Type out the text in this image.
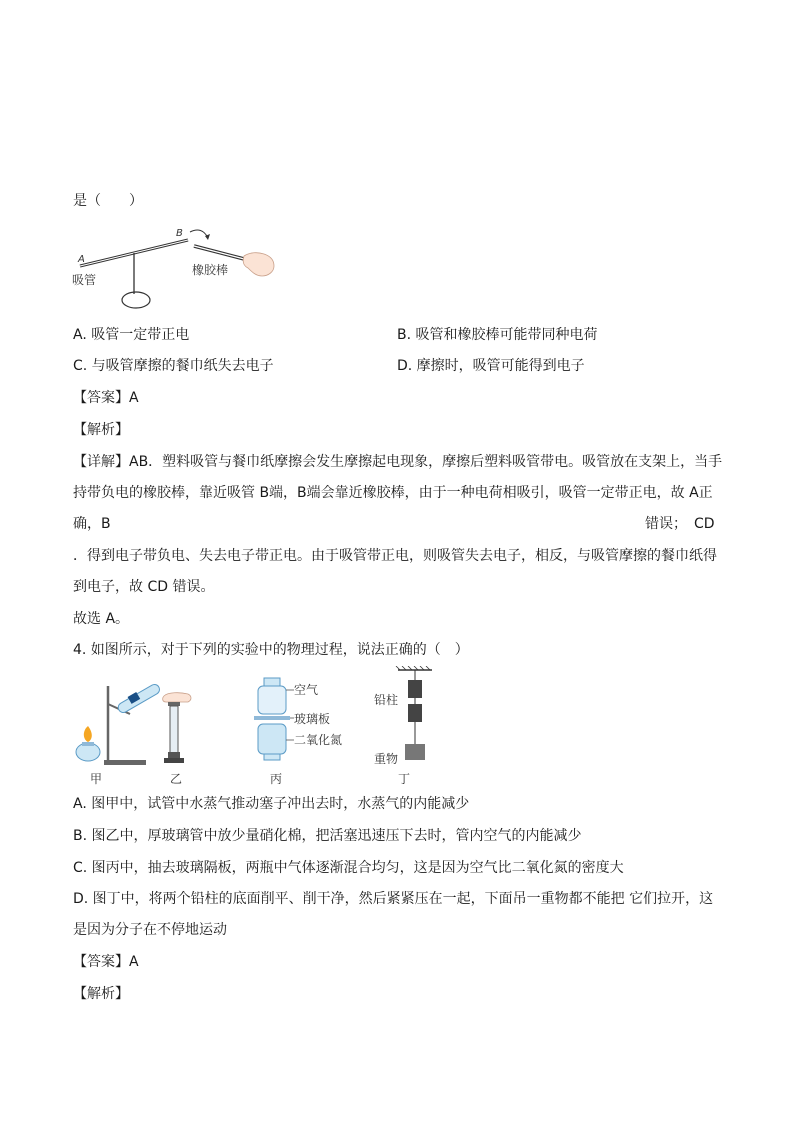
是（　　）
A
B
吸管
橡胶棒
A. 吸管一定带正电	B. 吸管和橡胶棒可能带同种电荷
C. 与吸管摩擦的餐巾纸失去电子	D. 摩擦时，吸管可能得到电子
【答案】A
【解析】
【详解】AB．塑料吸管与餐巾纸摩擦会发生摩擦起电现象，摩擦后塑料吸管带电。吸管放在支架上，当手
持带负电的橡胶棒，靠近吸管 B端，B端会靠近橡胶棒，由于一种电荷相吸引，吸管一定带正电，故 A正
确，B	错误；　CD
．得到电子带负电、失去电子带正电。由于吸管带正电，则吸管失去电子，相反，与吸管摩擦的餐巾纸得
到电子，故 CD 错误。
故选 A。
4. 如图所示，对于下列的实验中的物理过程，说法正确的（　）
空气
玻璃板
二氧化氮
铅柱
重物
甲	乙	丙	丁
A. 图甲中，试管中水蒸气推动塞子冲出去时，水蒸气的内能减少
B. 图乙中，厚玻璃管中放少量硝化棉，把活塞迅速压下去时，管内空气的内能减少
C. 图丙中，抽去玻璃隔板，两瓶中气体逐渐混合均匀，这是因为空气比二氧化氮的密度大
D. 图丁中，将两个铅柱的底面削平、削干净，然后紧紧压在一起，下面吊一重物都不能把 它们拉开，这
是因为分子在不停地运动
【答案】A
【解析】
